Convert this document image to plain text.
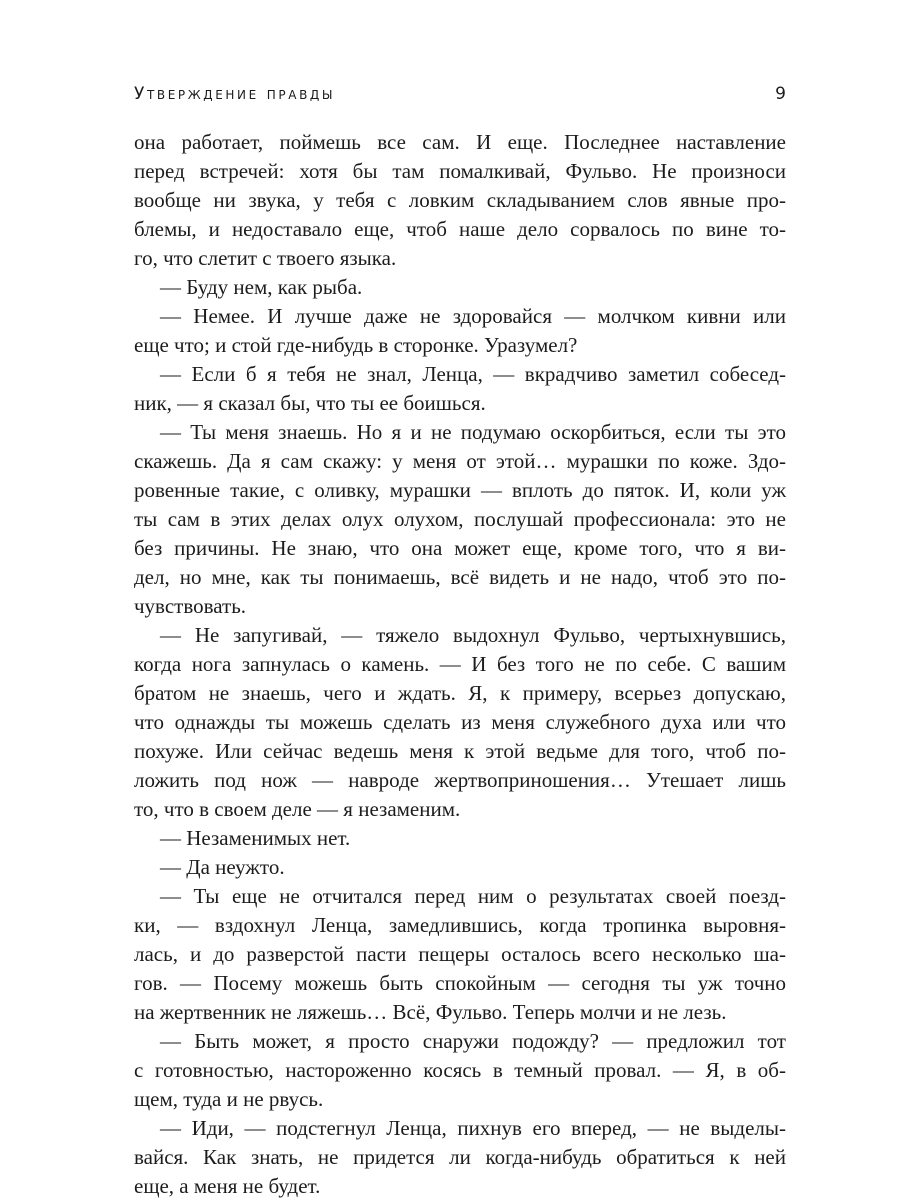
Утверждение правды	9
она работает, поймешь все сам. И еще. Последнее наставление
перед встречей: хотя бы там помалкивай, Фульво. Не произноси
вообще ни звука, у тебя с ловким складыванием слов явные про-
блемы, и недоставало еще, чтоб наше дело сорвалось по вине то-
го, что слетит с твоего языка.
— Буду нем, как рыба.
— Немее. И лучше даже не здоровайся — молчком кивни или
еще что; и стой где-нибудь в сторонке. Уразумел?
— Если б я тебя не знал, Ленца, — вкрадчиво заметил собесед-
ник, — я сказал бы, что ты ее боишься.
— Ты меня знаешь. Но я и не подумаю оскорбиться, если ты это
скажешь. Да я сам скажу: у меня от этой… мурашки по коже. Здо-
ровенные такие, с оливку, мурашки — вплоть до пяток. И, коли уж
ты сам в этих делах олух олухом, послушай профессионала: это не
без причины. Не знаю, что она может еще, кроме того, что я ви-
дел, но мне, как ты понимаешь, всё видеть и не надо, чтоб это по-
чувствовать.
— Не запугивай, — тяжело выдохнул Фульво, чертыхнувшись,
когда нога запнулась о камень. — И без того не по себе. С вашим
братом не знаешь, чего и ждать. Я, к примеру, всерьез допускаю,
что однажды ты можешь сделать из меня служебного духа или что
похуже. Или сейчас ведешь меня к этой ведьме для того, чтоб по-
ложить под нож — навроде жертвоприношения… Утешает лишь
то, что в своем деле — я незаменим.
— Незаменимых нет.
— Да неужто.
— Ты еще не отчитался перед ним о результатах своей поезд-
ки, — вздохнул Ленца, замедлившись, когда тропинка выровня-
лась, и до разверстой пасти пещеры осталось всего несколько ша-
гов. — Посему можешь быть спокойным — сегодня ты уж точно
на жертвенник не ляжешь… Всё, Фульво. Теперь молчи и не лезь.
— Быть может, я просто снаружи подожду? — предложил тот
с готовностью, настороженно косясь в темный провал. — Я, в об-
щем, туда и не рвусь.
— Иди, — подстегнул Ленца, пихнув его вперед, — не выделы-
вайся. Как знать, не придется ли когда-нибудь обратиться к ней
еще, а меня не будет.
